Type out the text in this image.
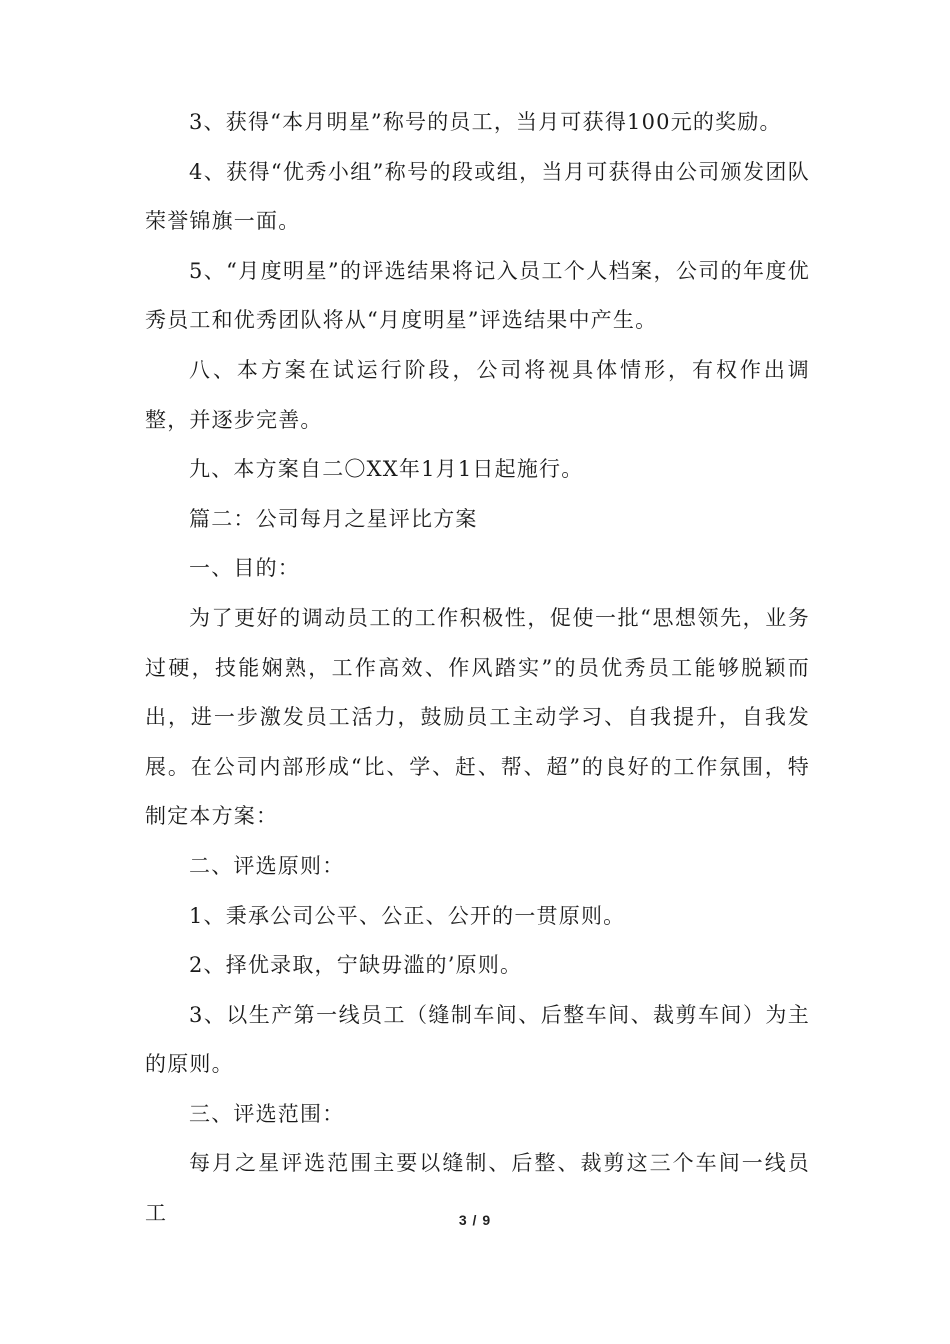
3、获得“本月明星”称号的员工，当月可获得100元的奖励。

4、获得“优秀小组”称号的段或组，当月可获得由公司颁发团队荣誉锦旗一面。

5、“月度明星”的评选结果将记入员工个人档案，公司的年度优秀员工和优秀团队将从“月度明星”评选结果中产生。

八、本方案在试运行阶段，公司将视具体情形，有权作出调整，并逐步完善。

九、本方案自二〇XX年1月1日起施行。

篇二：公司每月之星评比方案

一、目的：

为了更好的调动员工的工作积极性，促使一批“思想领先，业务过硬，技能娴熟，工作高效、作风踏实”的员优秀员工能够脱颖而出，进一步激发员工活力，鼓励员工主动学习、自我提升，自我发展。在公司内部形成“比、学、赶、帮、超”的良好的工作氛围，特制定本方案：

二、评选原则：

1、秉承公司公平、公正、公开的一贯原则。

2、择优录取，宁缺毋滥的’原则。

3、以生产第一线员工（缝制车间、后整车间、裁剪车间）为主的原则。

三、评选范围：

每月之星评选范围主要以缝制、后整、裁剪这三个车间一线员工	3 / 9
